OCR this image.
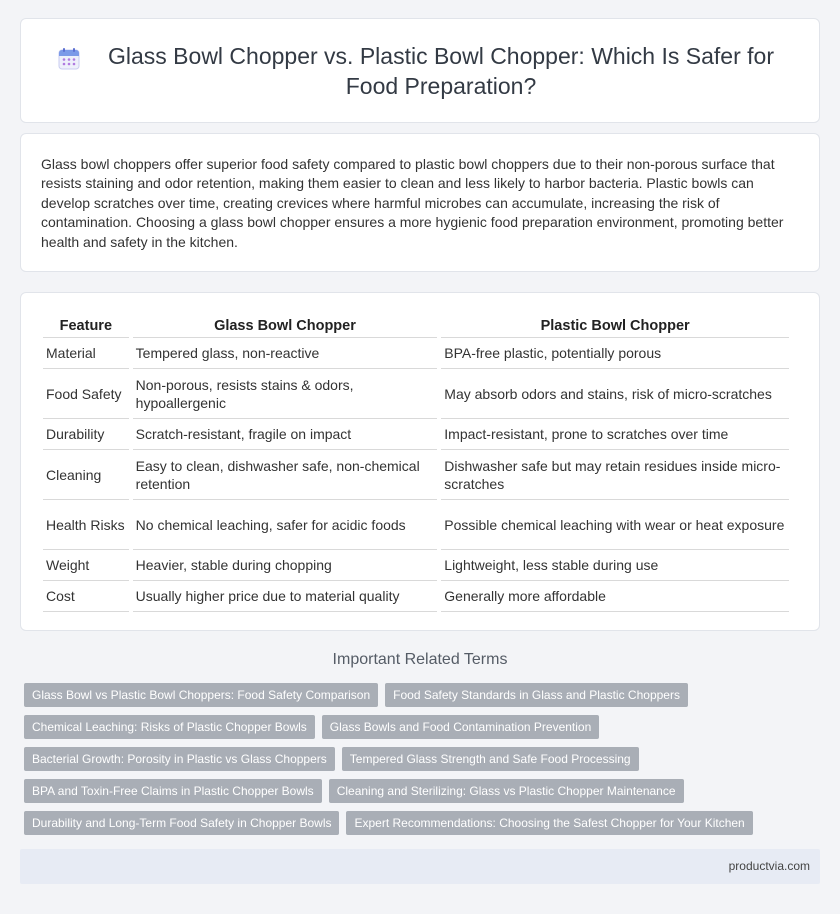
Glass Bowl Chopper vs. Plastic Bowl Chopper: Which Is Safer for Food Preparation?

Glass bowl choppers offer superior food safety compared to plastic bowl choppers due to their non-porous surface that resists staining and odor retention, making them easier to clean and less likely to harbor bacteria. Plastic bowls can develop scratches over time, creating crevices where harmful microbes can accumulate, increasing the risk of contamination. Choosing a glass bowl chopper ensures a more hygienic food preparation environment, promoting better health and safety in the kitchen.

Feature	Glass Bowl Chopper	Plastic Bowl Chopper
Material	Tempered glass, non-reactive	BPA-free plastic, potentially porous
Food Safety	Non-porous, resists stains & odors, hypoallergenic	May absorb odors and stains, risk of micro-scratches
Durability	Scratch-resistant, fragile on impact	Impact-resistant, prone to scratches over time
Cleaning	Easy to clean, dishwasher safe, non-chemical retention	Dishwasher safe but may retain residues inside micro-scratches
Health Risks	No chemical leaching, safer for acidic foods	Possible chemical leaching with wear or heat exposure
Weight	Heavier, stable during chopping	Lightweight, less stable during use
Cost	Usually higher price due to material quality	Generally more affordable
Important Related Terms
Glass Bowl vs Plastic Bowl Choppers: Food Safety Comparison	Food Safety Standards in Glass and Plastic Choppers
Chemical Leaching: Risks of Plastic Chopper Bowls	Glass Bowls and Food Contamination Prevention
Bacterial Growth: Porosity in Plastic vs Glass Choppers	Tempered Glass Strength and Safe Food Processing
BPA and Toxin-Free Claims in Plastic Chopper Bowls	Cleaning and Sterilizing: Glass vs Plastic Chopper Maintenance
Durability and Long-Term Food Safety in Chopper Bowls	Expert Recommendations: Choosing the Safest Chopper for Your Kitchen
productvia.com
